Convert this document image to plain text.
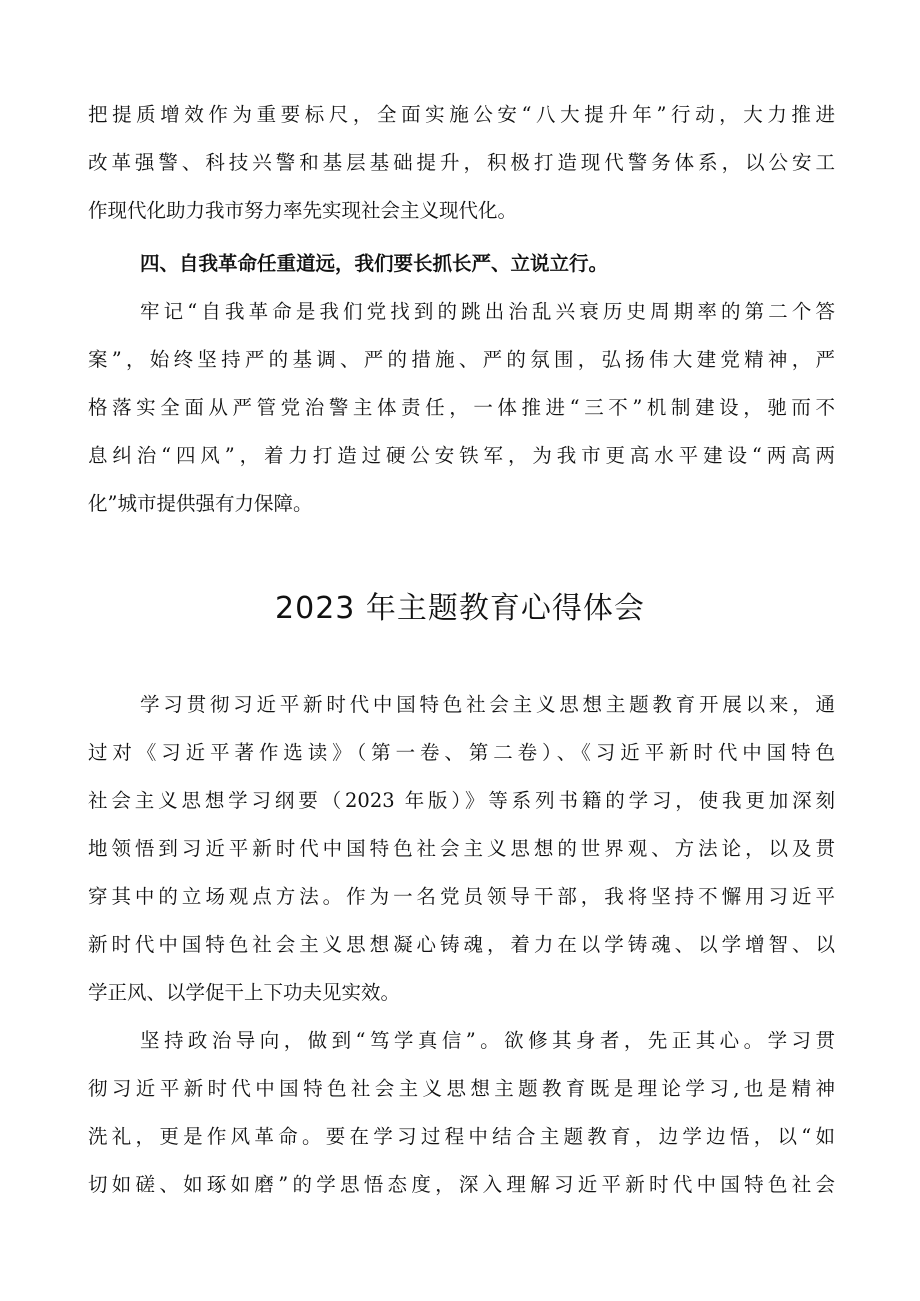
把提质增效作为重要标尺，全面实施公安“八大提升年”行动，大力推进
改革强警、科技兴警和基层基础提升，积极打造现代警务体系，以公安工
作现代化助力我市努力率先实现社会主义现代化。
四、自我革命任重道远，我们要长抓长严、立说立行。
牢记“自我革命是我们党找到的跳出治乱兴衰历史周期率的第二个答
案”，始终坚持严的基调、严的措施、严的氛围，弘扬伟大建党精神，严
格落实全面从严管党治警主体责任，一体推进“三不”机制建设，驰而不
息纠治“四风”，着力打造过硬公安铁军，为我市更高水平建设“两高两
化”城市提供强有力保障。
2023 年主题教育心得体会
学习贯彻习近平新时代中国特色社会主义思想主题教育开展以来，通
过对《习近平著作选读》（第一卷、第二卷）、《习近平新时代中国特色
社会主义思想学习纲要（2023 年版）》等系列书籍的学习，使我更加深刻
地领悟到习近平新时代中国特色社会主义思想的世界观、方法论，以及贯
穿其中的立场观点方法。作为一名党员领导干部，我将坚持不懈用习近平
新时代中国特色社会主义思想凝心铸魂，着力在以学铸魂、以学增智、以
学正风、以学促干上下功夫见实效。
坚持政治导向，做到“笃学真信”。欲修其身者，先正其心。学习贯
彻习近平新时代中国特色社会主义思想主题教育既是理论学习,也是精神
洗礼，更是作风革命。要在学习过程中结合主题教育，边学边悟，以“如
切如磋、如琢如磨”的学思悟态度，深入理解习近平新时代中国特色社会
